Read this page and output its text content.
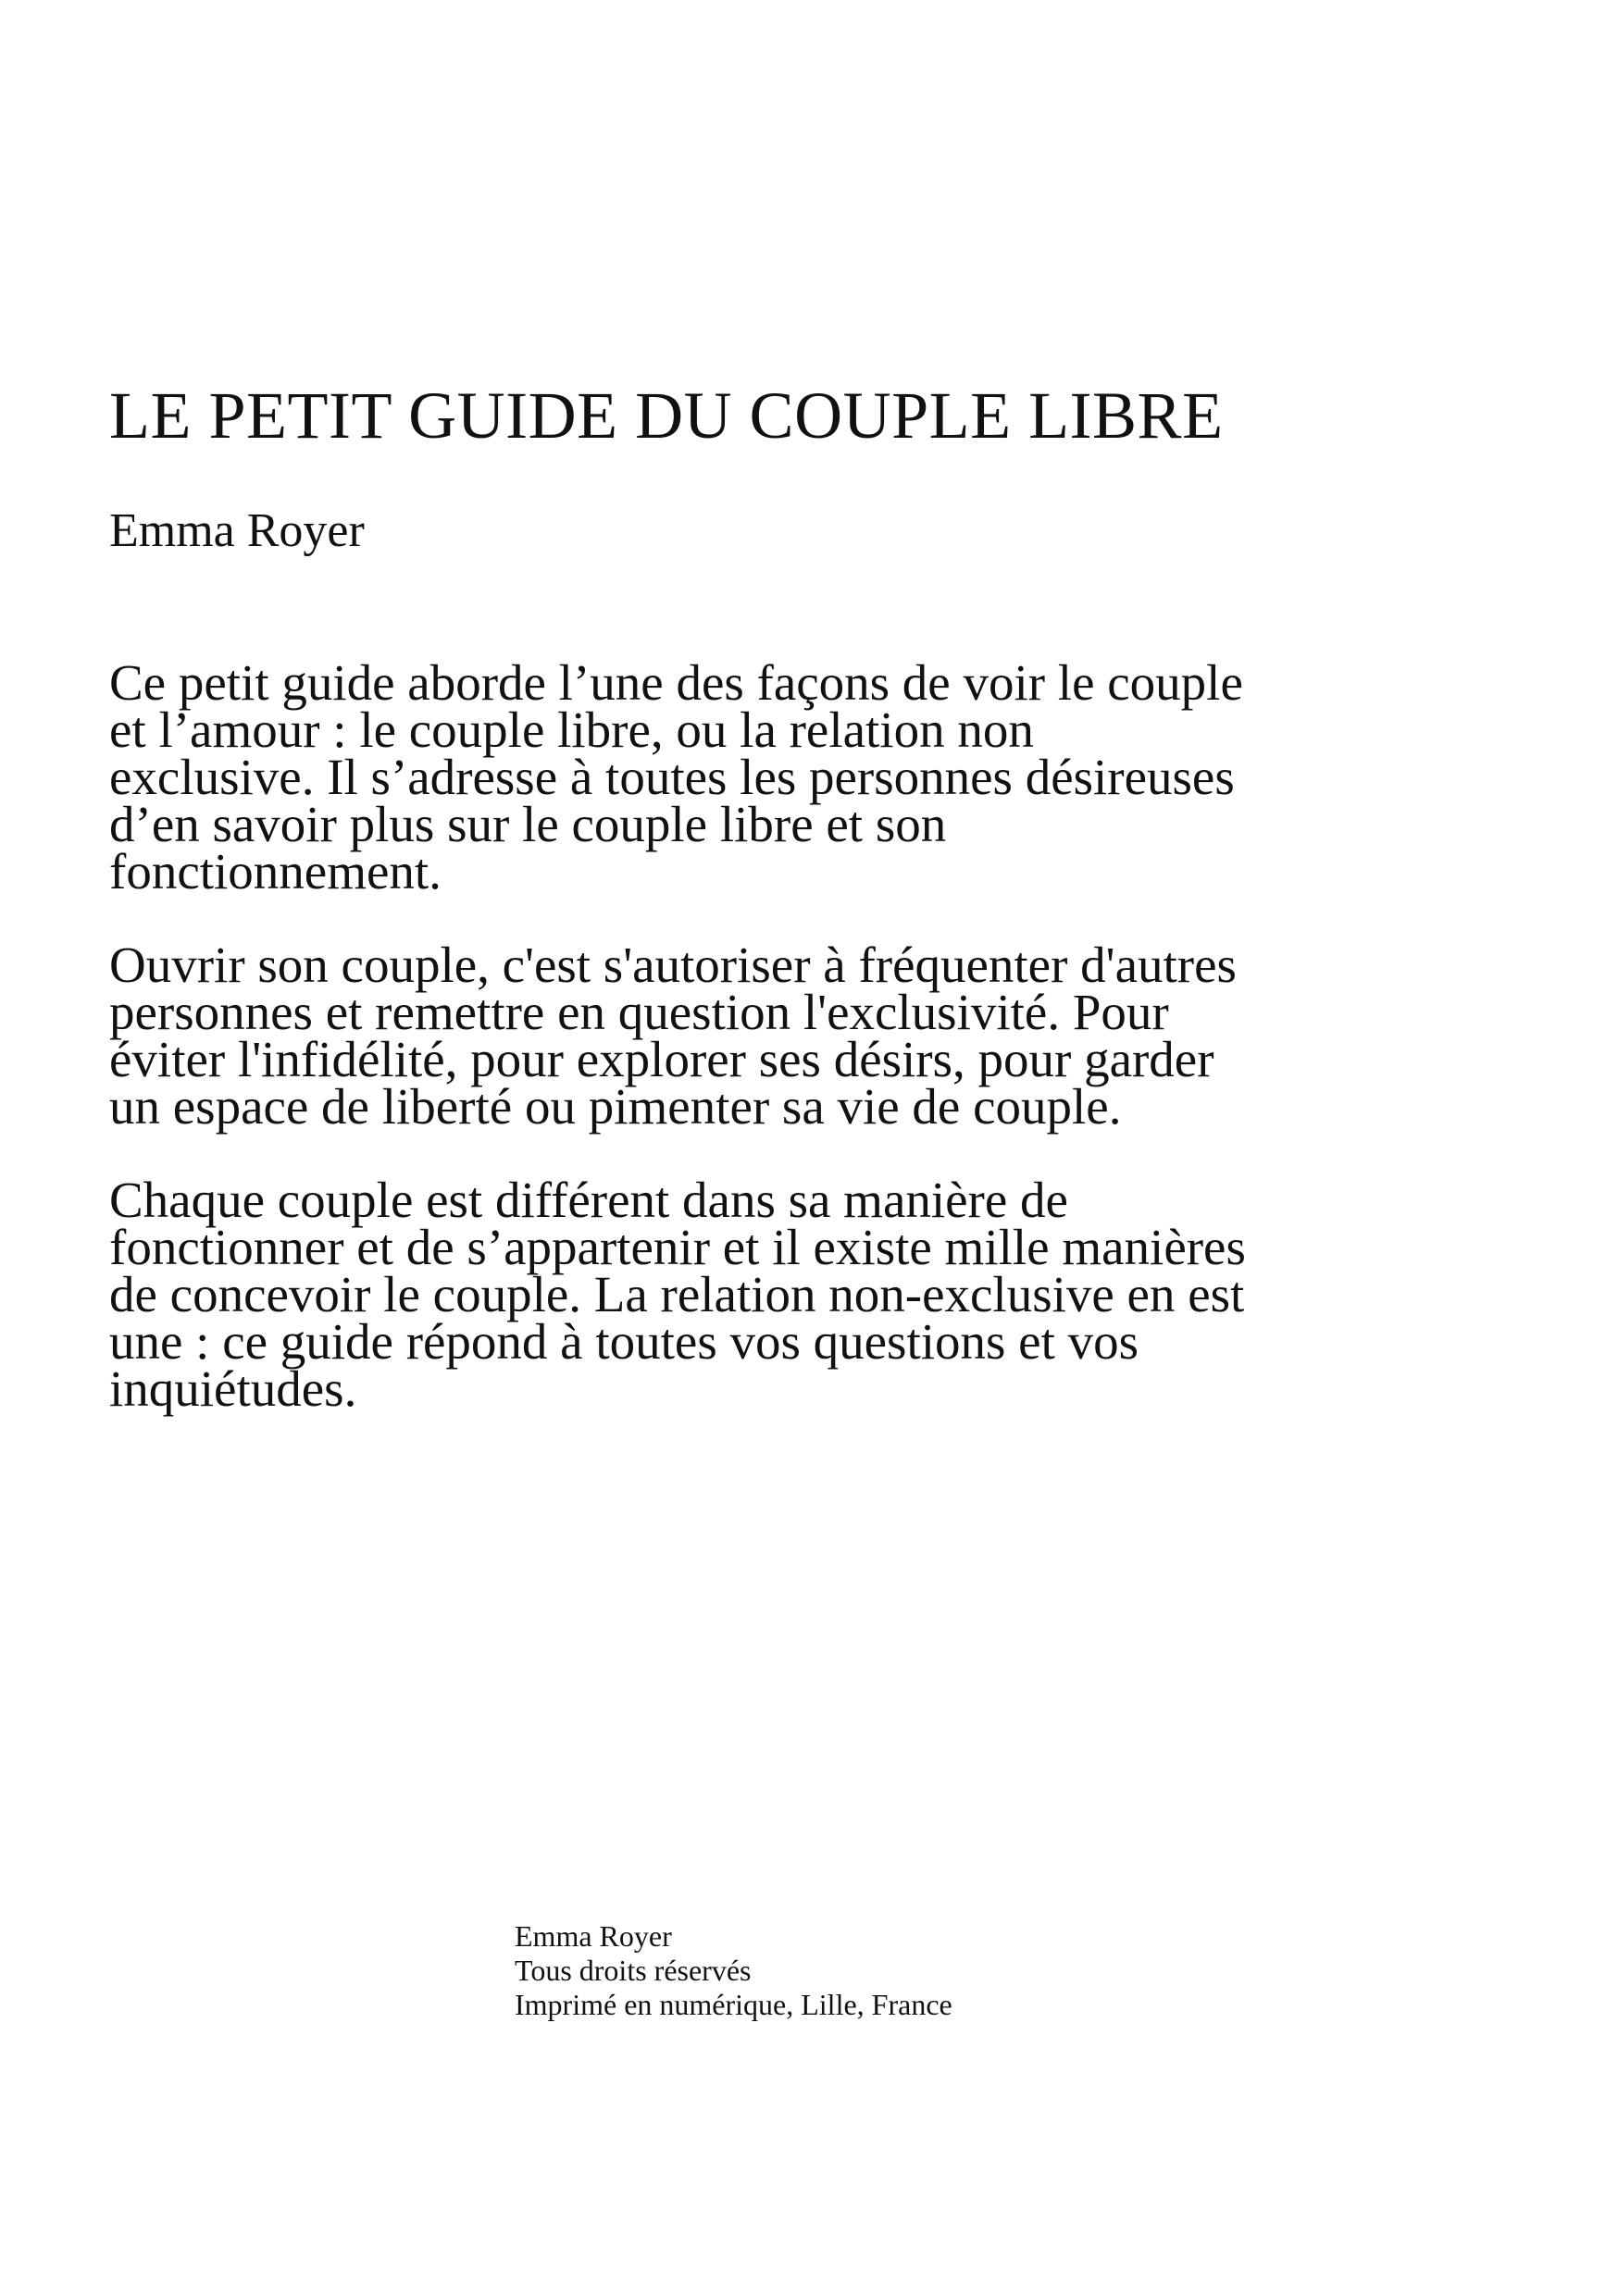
LE PETIT GUIDE DU COUPLE LIBRE

Emma Royer

Ce petit guide aborde l’une des façons de voir le couple et l’amour : le couple libre, ou la relation non exclusive. Il s’adresse à toutes les personnes désireuses d’en savoir plus sur le couple libre et son fonctionnement.

Ouvrir son couple, c'est s'autoriser à fréquenter d'autres personnes et remettre en question l'exclusivité. Pour éviter l'infidélité, pour explorer ses désirs, pour garder un espace de liberté ou pimenter sa vie de couple.

Chaque couple est différent dans sa manière de fonctionner et de s’appartenir et il existe mille manières de concevoir le couple. La relation non-exclusive en est une : ce guide répond à toutes vos questions et vos inquiétudes.

Emma Royer
Tous droits réservés
Imprimé en numérique, Lille, France
